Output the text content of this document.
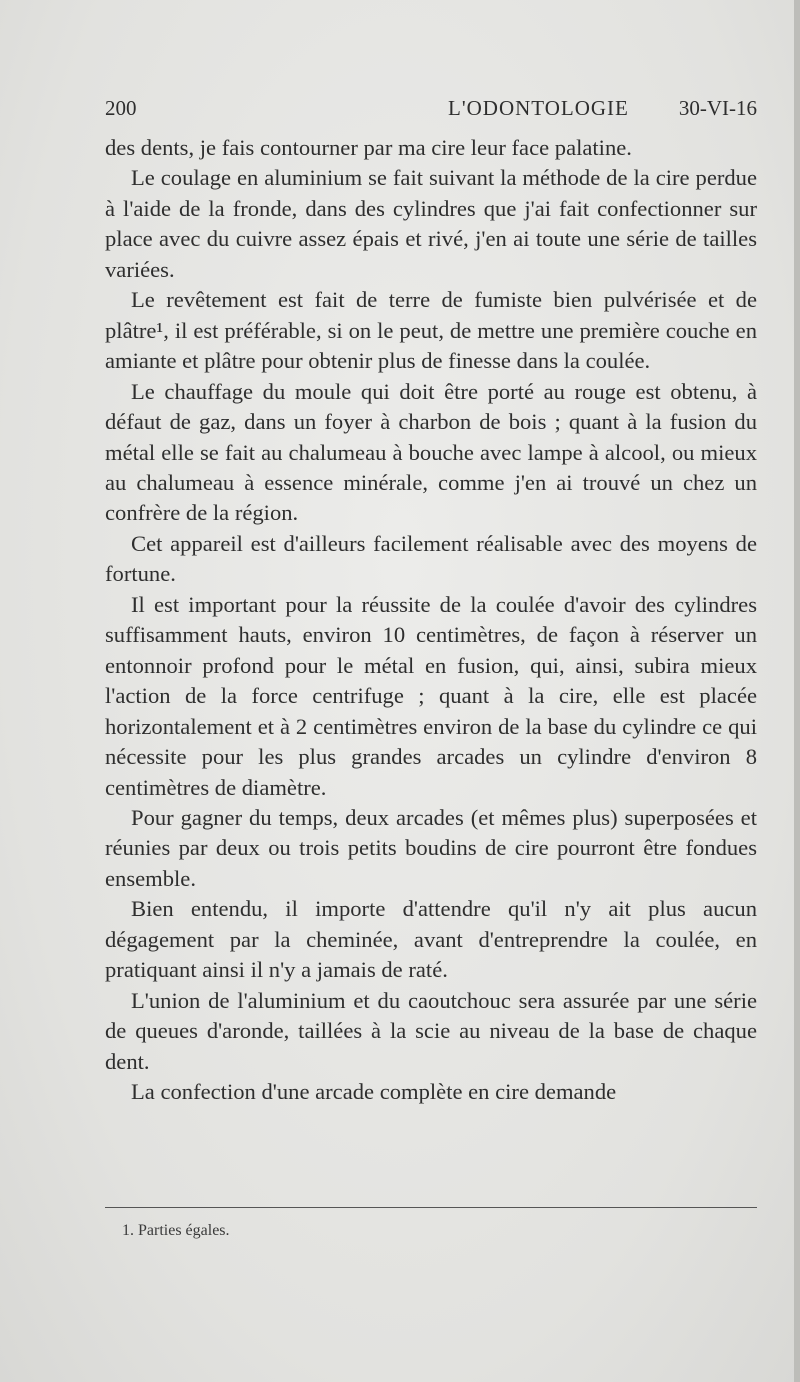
200	L'ODONTOLOGIE 30-VI-16

des dents, je fais contourner par ma cire leur face palatine.

Le coulage en aluminium se fait suivant la méthode de la cire perdue à l'aide de la fronde, dans des cylindres que j'ai fait confectionner sur place avec du cuivre assez épais et rivé, j'en ai toute une série de tailles variées.

Le revêtement est fait de terre de fumiste bien pulvérisée et de plâtre¹, il est préférable, si on le peut, de mettre une première couche en amiante et plâtre pour obtenir plus de finesse dans la coulée.

Le chauffage du moule qui doit être porté au rouge est obtenu, à défaut de gaz, dans un foyer à charbon de bois ; quant à la fusion du métal elle se fait au chalumeau à bouche avec lampe à alcool, ou mieux au chalumeau à essence minérale, comme j'en ai trouvé un chez un confrère de la région.

Cet appareil est d'ailleurs facilement réalisable avec des moyens de fortune.

Il est important pour la réussite de la coulée d'avoir des cylindres suffisamment hauts, environ 10 centimètres, de façon à réserver un entonnoir profond pour le métal en fusion, qui, ainsi, subira mieux l'action de la force centrifuge ; quant à la cire, elle est placée horizontalement et à 2 centimètres environ de la base du cylindre ce qui nécessite pour les plus grandes arcades un cylindre d'environ 8 centimètres de diamètre.

Pour gagner du temps, deux arcades (et mêmes plus) superposées et réunies par deux ou trois petits boudins de cire pourront être fondues ensemble.

Bien entendu, il importe d'attendre qu'il n'y ait plus aucun dégagement par la cheminée, avant d'entreprendre la coulée, en pratiquant ainsi il n'y a jamais de raté.

L'union de l'aluminium et du caoutchouc sera assurée par une série de queues d'aronde, taillées à la scie au niveau de la base de chaque dent.

La confection d'une arcade complète en cire demande

1. Parties égales.
